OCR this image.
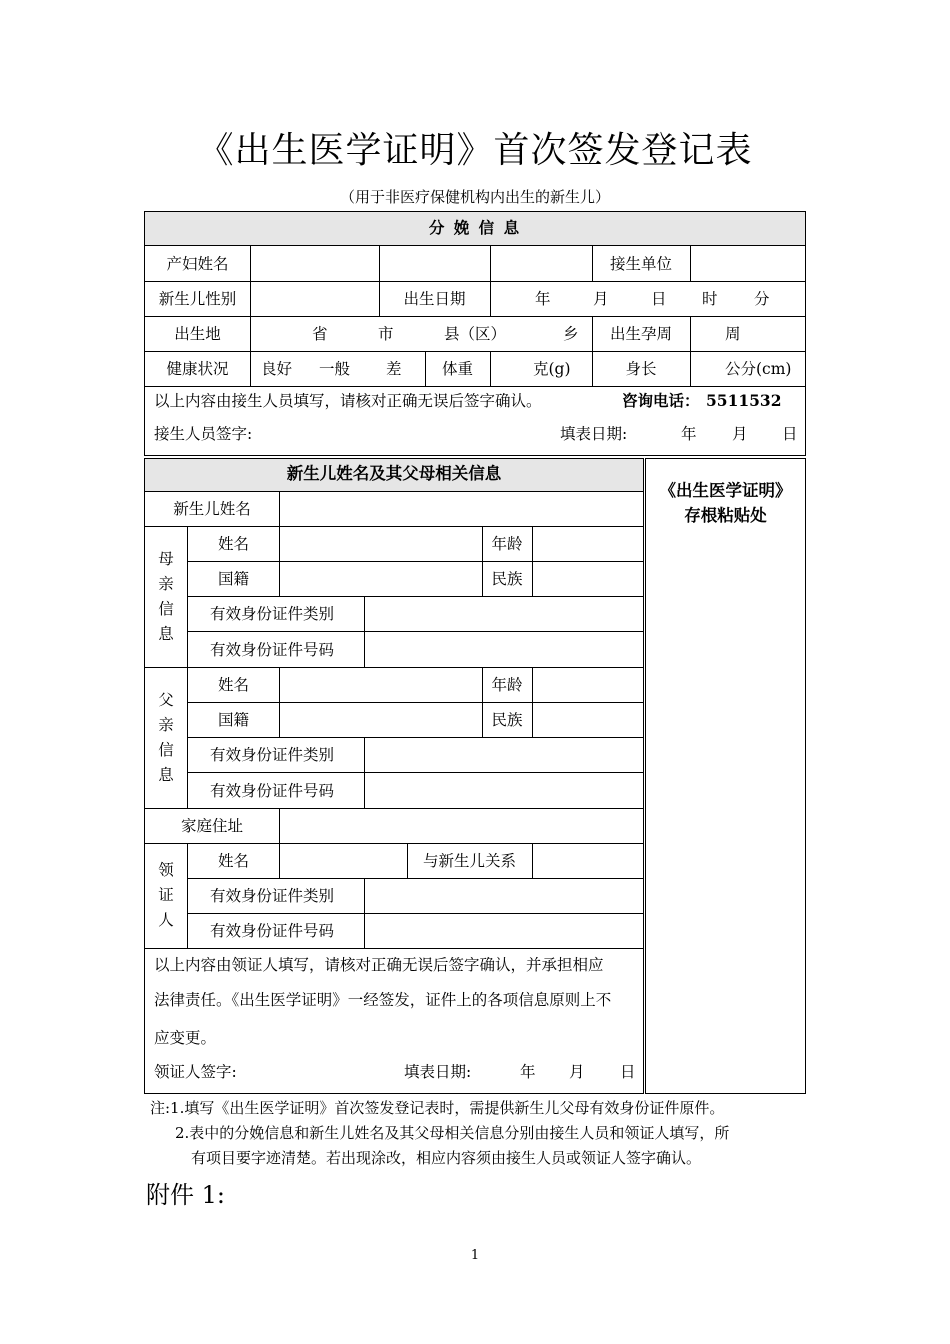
《出生医学证明》首次签发登记表
（用于非医疗保健机构内出生的新生儿）
分 娩 信 息
产妇姓名	接生单位
新生儿性别	出生日期	年	月	日 时 分
出生地	省	市	县（区）	乡	出生孕周	周
健康状况	良好 一般 差	体重	克(g)	身长	公分(cm)
以上内容由接生人员填写，请核对正确无误后签字确认。	咨询电话： 5511532
接生人员签字:	填表日期:	年 月 日
新生儿姓名及其父母相关信息
新生儿姓名
母亲信息
姓名	年龄
国籍	民族
有效身份证件类别
有效身份证件号码
父亲信息
姓名	年龄
国籍	民族
有效身份证件类别
有效身份证件号码
家庭住址
领证人
姓名	与新生儿关系
有效身份证件类别
有效身份证件号码
以上内容由领证人填写，请核对正确无误后签字确认，并承担相应
法律责任。《出生医学证明》一经签发，证件上的各项信息原则上不
应变更。
领证人签字:	填表日期:	年 月 日
《出生医学证明》
存根粘贴处
注:1.填写《出生医学证明》首次签发登记表时，需提供新生儿父母有效身份证件原件。
2.表中的分娩信息和新生儿姓名及其父母相关信息分别由接生人员和领证人填写，所
有项目要字迹清楚。若出现涂改，相应内容须由接生人员或领证人签字确认。
附件 1:
1
